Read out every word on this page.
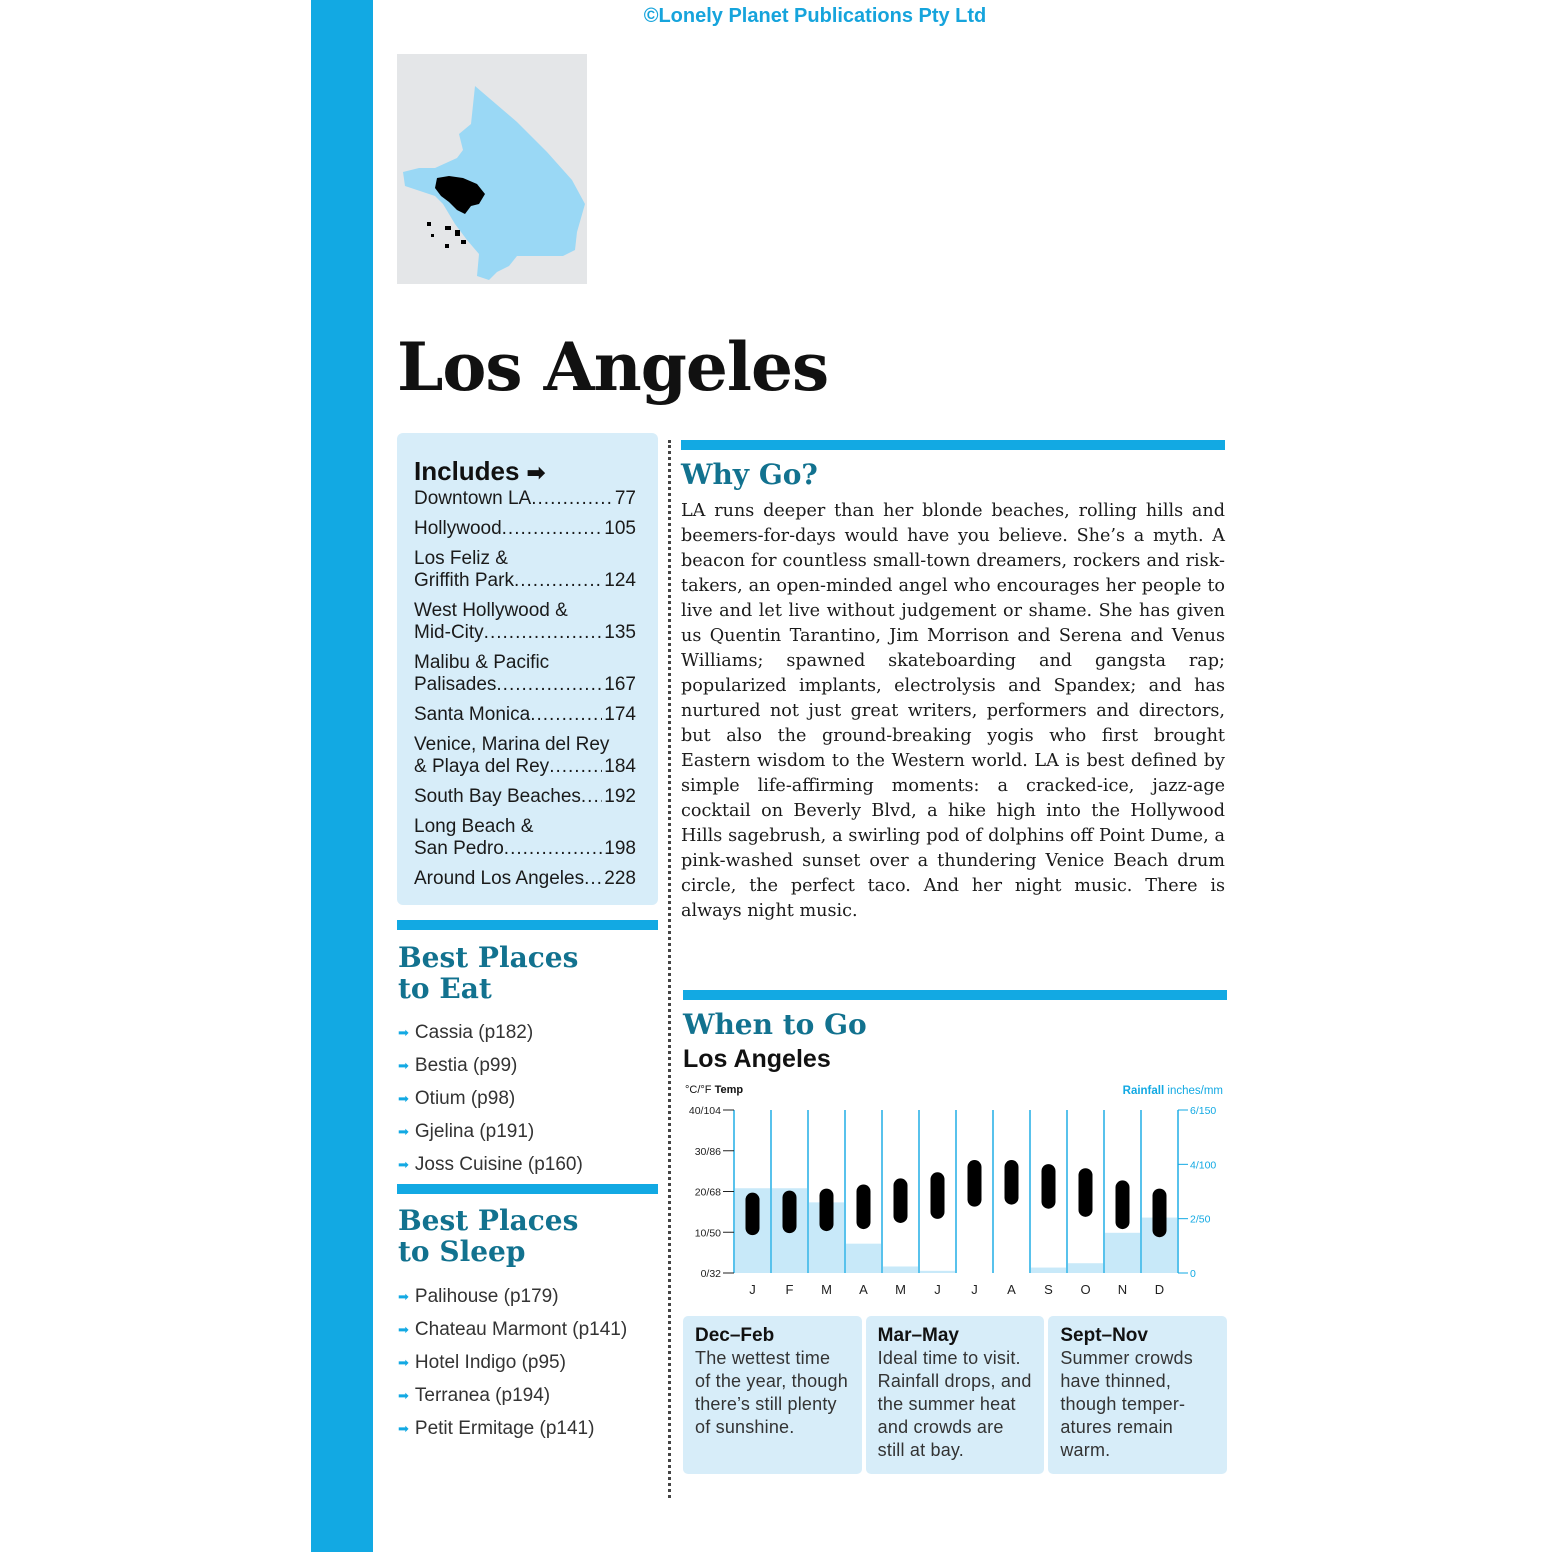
©Lonely Planet Publications Pty Ltd
Los Angeles
Includes ➡
Downtown LA .....	77
Hollywood .....	105
Los Feliz &
Griffith Park .....	124
West Hollywood &
Mid-City .....	135
Malibu & Pacific
Palisades .....	167
Santa Monica .....	174
Venice, Marina del Rey
& Playa del Rey .....	184
South Bay Beaches ..... 192
Long Beach &
San Pedro .....	198
Around Los Angeles ..... 228
Best Places
to Eat
➡ Cassia (p182)
➡ Bestia (p99)
➡ Otium (p98)
➡ Gjelina (p191)
➡ Joss Cuisine (p160)
Best Places
to Sleep
➡ Palihouse (p179)
➡ Chateau Marmont (p141)
➡ Hotel Indigo (p95)
➡ Terranea (p194)
➡ Petit Ermitage (p141)
Why Go?
LA runs deeper than her blonde beaches, rolling hills and beemers-for-days would have you believe. She’s a myth. A beacon for countless small-town dreamers, rockers and risk-takers, an open-minded angel who encourages her people to live and let live without judgement or shame. She has given us Quentin Tarantino, Jim Morrison and Serena and Venus Williams; spawned skateboarding and gangsta rap; popularized implants, electrolysis and Spandex; and has nurtured not just great writers, performers and directors, but also the ground-breaking yogis who first brought Eastern wisdom to the Western world. LA is best defined by simple life-affirming moments: a cracked-ice, jazz-age cocktail on Beverly Blvd, a hike high into the Hollywood Hills sagebrush, a swirling pod of dolphins off Point Dume, a pink-washed sunset over a thundering Venice Beach drum circle, the perfect taco. And her night music. There is always night music.
When to Go
Los Angeles
°C/°F Temp	Rainfall inches/mm
0/32
10/50
20/68
30/86
40/104
0
2/50
4/100
6/150
J F M A M J J A S O N D
Dec–Feb
The wettest time
of the year, though
there’s still plenty
of sunshine.
Mar–May
Ideal time to visit.
Rainfall drops, and
the summer heat
and crowds are
still at bay.
Sept–Nov
Summer crowds
have thinned,
though temper-
atures remain
warm.
